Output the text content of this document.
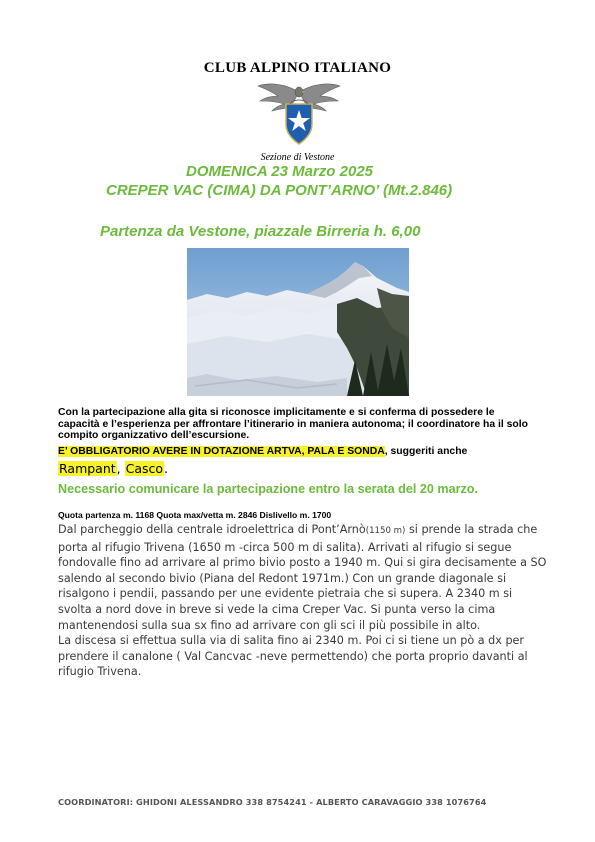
CLUB ALPINO ITALIANO
Sezione di Vestone
DOMENICA 23 Marzo 2025
CREPER VAC (CIMA) DA PONT’ARNO’ (Mt.2.846)
Partenza da Vestone, piazzale Birreria h. 6,00
Con la partecipazione alla gita si riconosce implicitamente e si conferma di possedere le capacità e l’esperienza per affrontare l’itinerario in maniera autonoma; il coordinatore ha il solo compito organizzativo dell’escursione.
E’ OBBLIGATORIO AVERE IN DOTAZIONE ARTVA, PALA E SONDA, suggeriti anche
Rampant, Casco.
Necessario comunicare la partecipazione entro la serata del 20 marzo.
Quota partenza m. 1168 Quota max/vetta m. 2846 Dislivello m. 1700

Dal parcheggio della centrale idroelettrica di Pont’Arnò(1150 m) si prende la strada che porta al rifugio Trivena (1650 m -circa 500 m di salita). Arrivati al rifugio si segue fondovalle fino ad arrivare al primo bivio posto a 1940 m. Qui si gira decisamente a SO salendo al secondo bivio (Piana del Redont 1971m.) Con un grande diagonale si risalgono i pendii, passando per une evidente pietraia che si supera. A 2340 m si svolta a nord dove in breve si vede la cima Creper Vac. Si punta verso la cima mantenendosi sulla sua sx fino ad arrivare con gli sci il più possibile in alto.

La discesa si effettua sulla via di salita fino ai 2340 m. Poi ci si tiene un pò a dx per prendere il canalone ( Val Cancvac -neve permettendo) che porta proprio davanti al rifugio Trivena.

COORDINATORI: GHIDONI ALESSANDRO 338 8754241 - ALBERTO CARAVAGGIO 338 1076764
